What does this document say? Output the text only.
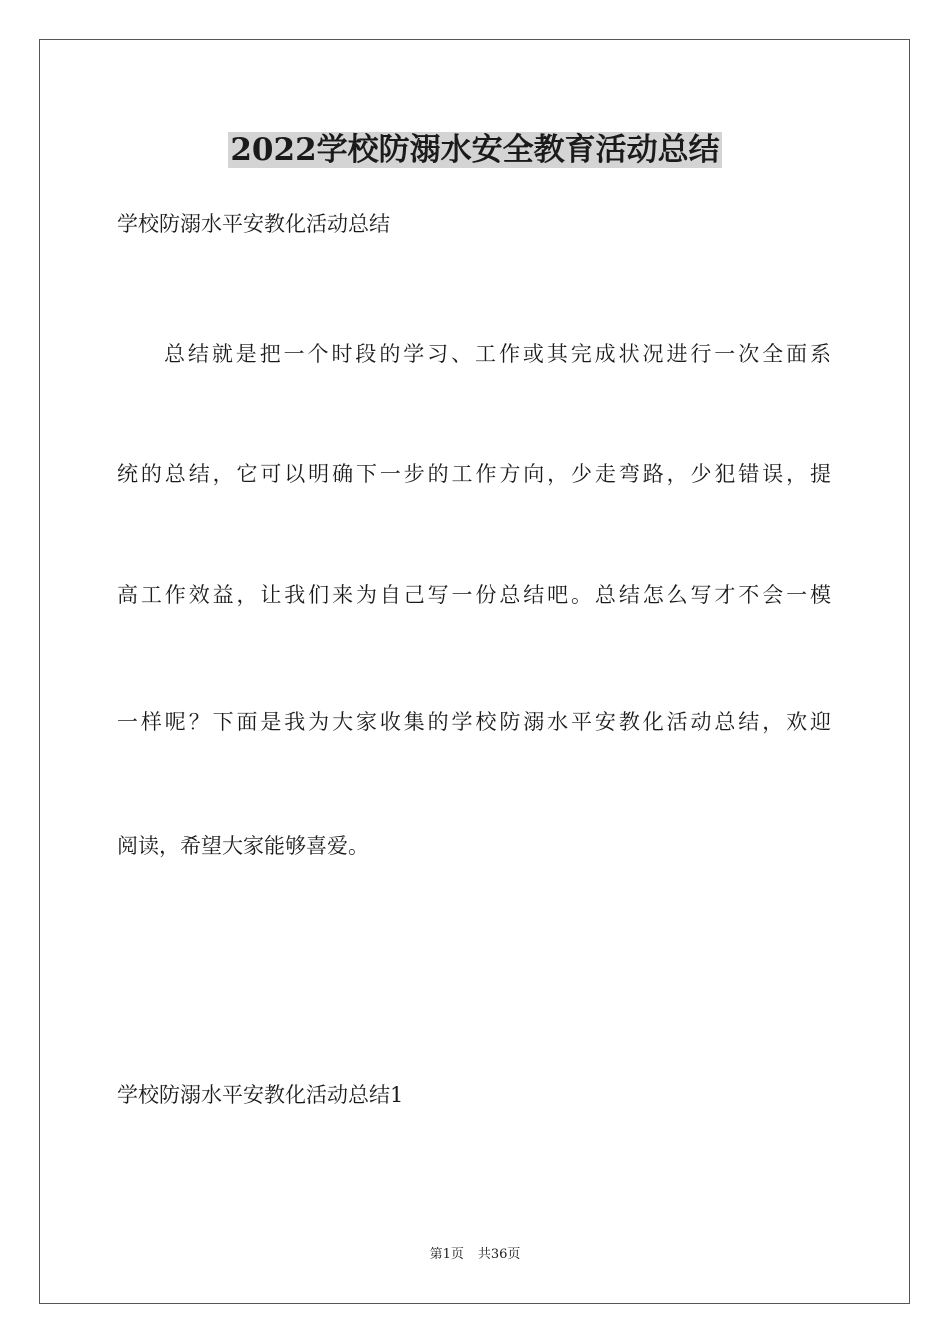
2022学校防溺水安全教育活动总结
学校防溺水平安教化活动总结
总结就是把一个时段的学习、工作或其完成状况进行一次全面系
统的总结，它可以明确下一步的工作方向，少走弯路，少犯错误，提
高工作效益，让我们来为自己写一份总结吧。总结怎么写才不会一模
一样呢？下面是我为大家收集的学校防溺水平安教化活动总结，欢迎
阅读，希望大家能够喜爱。
学校防溺水平安教化活动总结1
第1页 共36页
